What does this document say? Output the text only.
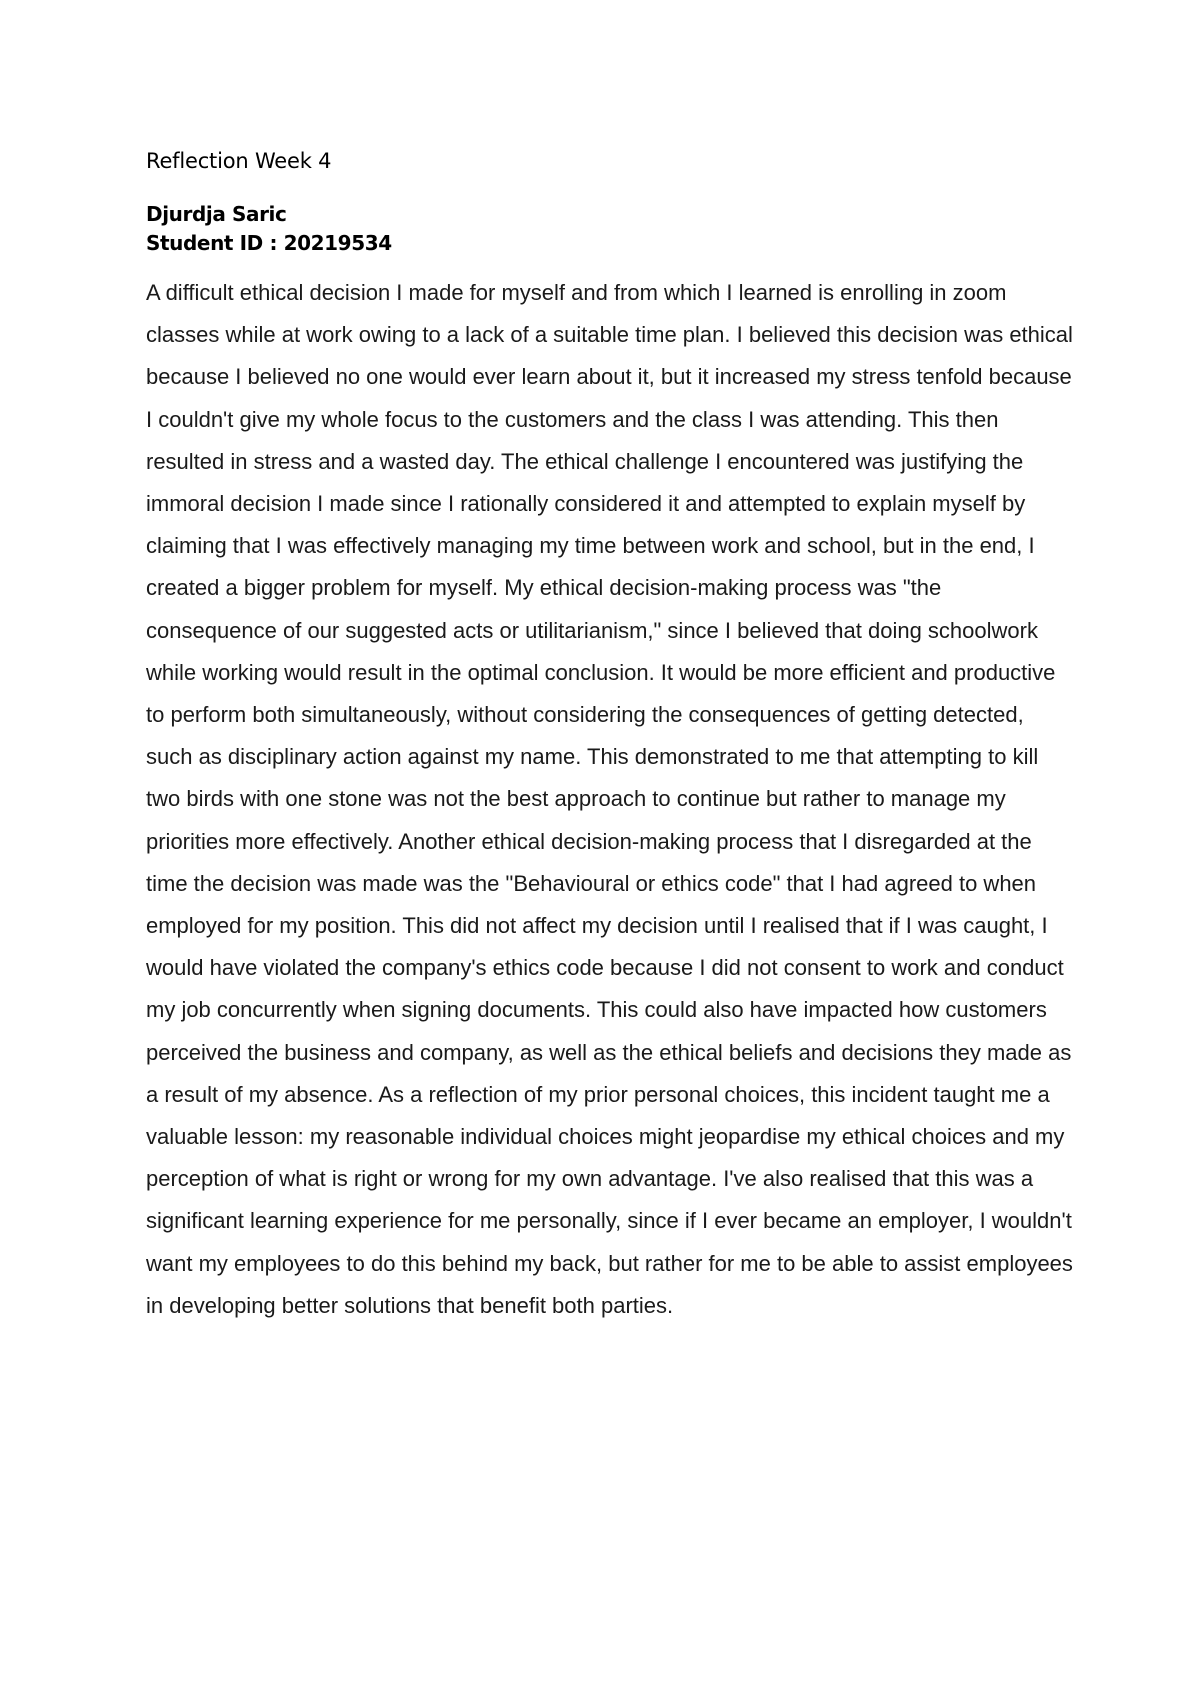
Reflection Week 4

Djurdja Saric

Student ID : 20219534

A difficult ethical decision I made for myself and from which I learned is enrolling in zoom classes while at work owing to a lack of a suitable time plan. I believed this decision was ethical because I believed no one would ever learn about it, but it increased my stress tenfold because I couldn't give my whole focus to the customers and the class I was attending. This then resulted in stress and a wasted day. The ethical challenge I encountered was justifying the immoral decision I made since I rationally considered it and attempted to explain myself by claiming that I was effectively managing my time between work and school, but in the end, I created a bigger problem for myself. My ethical decision-making process was "the consequence of our suggested acts or utilitarianism," since I believed that doing schoolwork while working would result in the optimal conclusion. It would be more efficient and productive to perform both simultaneously, without considering the consequences of getting detected, such as disciplinary action against my name. This demonstrated to me that attempting to kill two birds with one stone was not the best approach to continue but rather to manage my priorities more effectively. Another ethical decision-making process that I disregarded at the time the decision was made was the "Behavioural or ethics code" that I had agreed to when employed for my position. This did not affect my decision until I realised that if I was caught, I would have violated the company's ethics code because I did not consent to work and conduct my job concurrently when signing documents. This could also have impacted how customers perceived the business and company, as well as the ethical beliefs and decisions they made as a result of my absence. As a reflection of my prior personal choices, this incident taught me a valuable lesson: my reasonable individual choices might jeopardise my ethical choices and my perception of what is right or wrong for my own advantage. I've also realised that this was a significant learning experience for me personally, since if I ever became an employer, I wouldn't want my employees to do this behind my back, but rather for me to be able to assist employees in developing better solutions that benefit both parties.
